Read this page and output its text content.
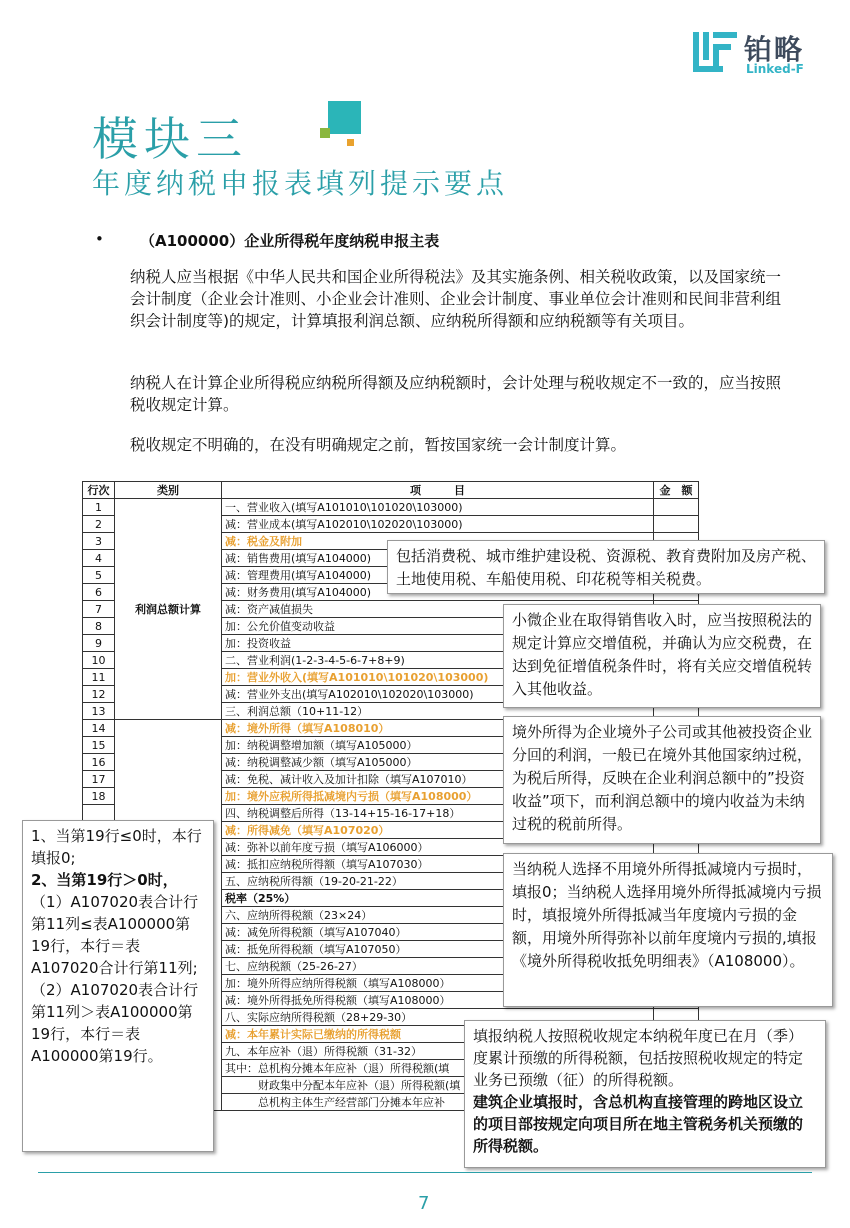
铂略
Linked-F
模块三
年度纳税申报表填列提示要点
• （A100000）企业所得税年度纳税申报主表
纳税人应当根据《中华人民共和国企业所得税法》及其实施条例、相关税收政策，以及国家统一会计制度（企业会计准则、小企业会计准则、企业会计制度、事业单位会计准则和民间非营利组织会计制度等)的规定，计算填报利润总额、应纳税所得额和应纳税额等有关项目。
纳税人在计算企业所得税应纳税所得额及应纳税额时，会计处理与税收规定不一致的，应当按照税收规定计算。
税收规定不明确的，在没有明确规定之前，暂按国家统一会计制度计算。
行次	类别	项　　　目	金　额
1	利润总额计算	一、营业收入(填写A101010\101020\103000)	
2		减：营业成本(填写A102010\102020\103000)	
3		减：税金及附加	
4		减：销售费用(填写A104000)	
5		减：管理费用(填写A104000)	
6		减：财务费用(填写A104000)	
7		减：资产减值损失	
8		加：公允价值变动收益	
9		加：投资收益	
10		二、营业利润(1-2-3-4-5-6-7+8+9)	
11		加：营业外收入(填写A101010\101020\103000)	
12		减：营业外支出(填写A102010\102020\103000)	
13		三、利润总额（10+11-12）	
14		减：境外所得（填写A108010）	
15		加：纳税调整增加额（填写A105000）	
16		减：纳税调整减少额（填写A105000）	
17		减：免税、减计收入及加计扣除（填写A107010）	
18		加：境外应税所得抵减境内亏损（填写A108000）	
		四、纳税调整后所得（13-14+15-16-17+18）	
		减：所得减免（填写A107020）	
		减：弥补以前年度亏损（填写A106000）	
		减：抵扣应纳税所得额（填写A107030）	
		五、应纳税所得额（19-20-21-22）	
		税率（25%）	
		六、应纳所得税额（23×24）	
		减：减免所得税额（填写A107040）	
		减：抵免所得税额（填写A107050）	
		七、应纳税额（25-26-27）	
		加：境外所得应纳所得税额（填写A108000）	
		减：境外所得抵免所得税额（填写A108000）	
		八、实际应纳所得税额（28+29-30）	
		减：本年累计实际已缴纳的所得税额	
		九、本年应补（退）所得税额（31-32）	
		其中：总机构分摊本年应补（退）所得税额(填	
		　　　财政集中分配本年应补（退）所得税额(填	
		　　　总机构主体生产经营部门分摊本年应补	
包括消费税、城市维护建设税、资源税、教育费附加及房产税、土地使用税、车船使用税、印花税等相关税费。
小微企业在取得销售收入时，应当按照税法的规定计算应交增值税，并确认为应交税费，在达到免征增值税条件时，将有关应交增值税转入其他收益。
境外所得为企业境外子公司或其他被投资企业分回的利润，一般已在境外其他国家纳过税，为税后所得，反映在企业利润总额中的”投资收益”项下，而利润总额中的境内收益为未纳过税的税前所得。
当纳税人选择不用境外所得抵减境内亏损时，填报0；当纳税人选择用境外所得抵减境内亏损时，填报境外所得抵减当年度境内亏损的金额，用境外所得弥补以前年度境内亏损的,填报《境外所得税收抵免明细表》（A108000）。
1、当第19行≤0时，本行填报0;
2、当第19行＞0时，
（1）A107020表合计行第11列≤表A100000第19行，本行＝表A107020合计行第11列;
（2）A107020表合计行第11列＞表A100000第19行，本行＝表A100000第19行。
填报纳税人按照税收规定本纳税年度已在月（季）度累计预缴的所得税额，包括按照税收规定的特定业务已预缴（征）的所得税额。
建筑企业填报时，含总机构直接管理的跨地区设立的项目部按规定向项目所在地主管税务机关预缴的所得税额。
7
